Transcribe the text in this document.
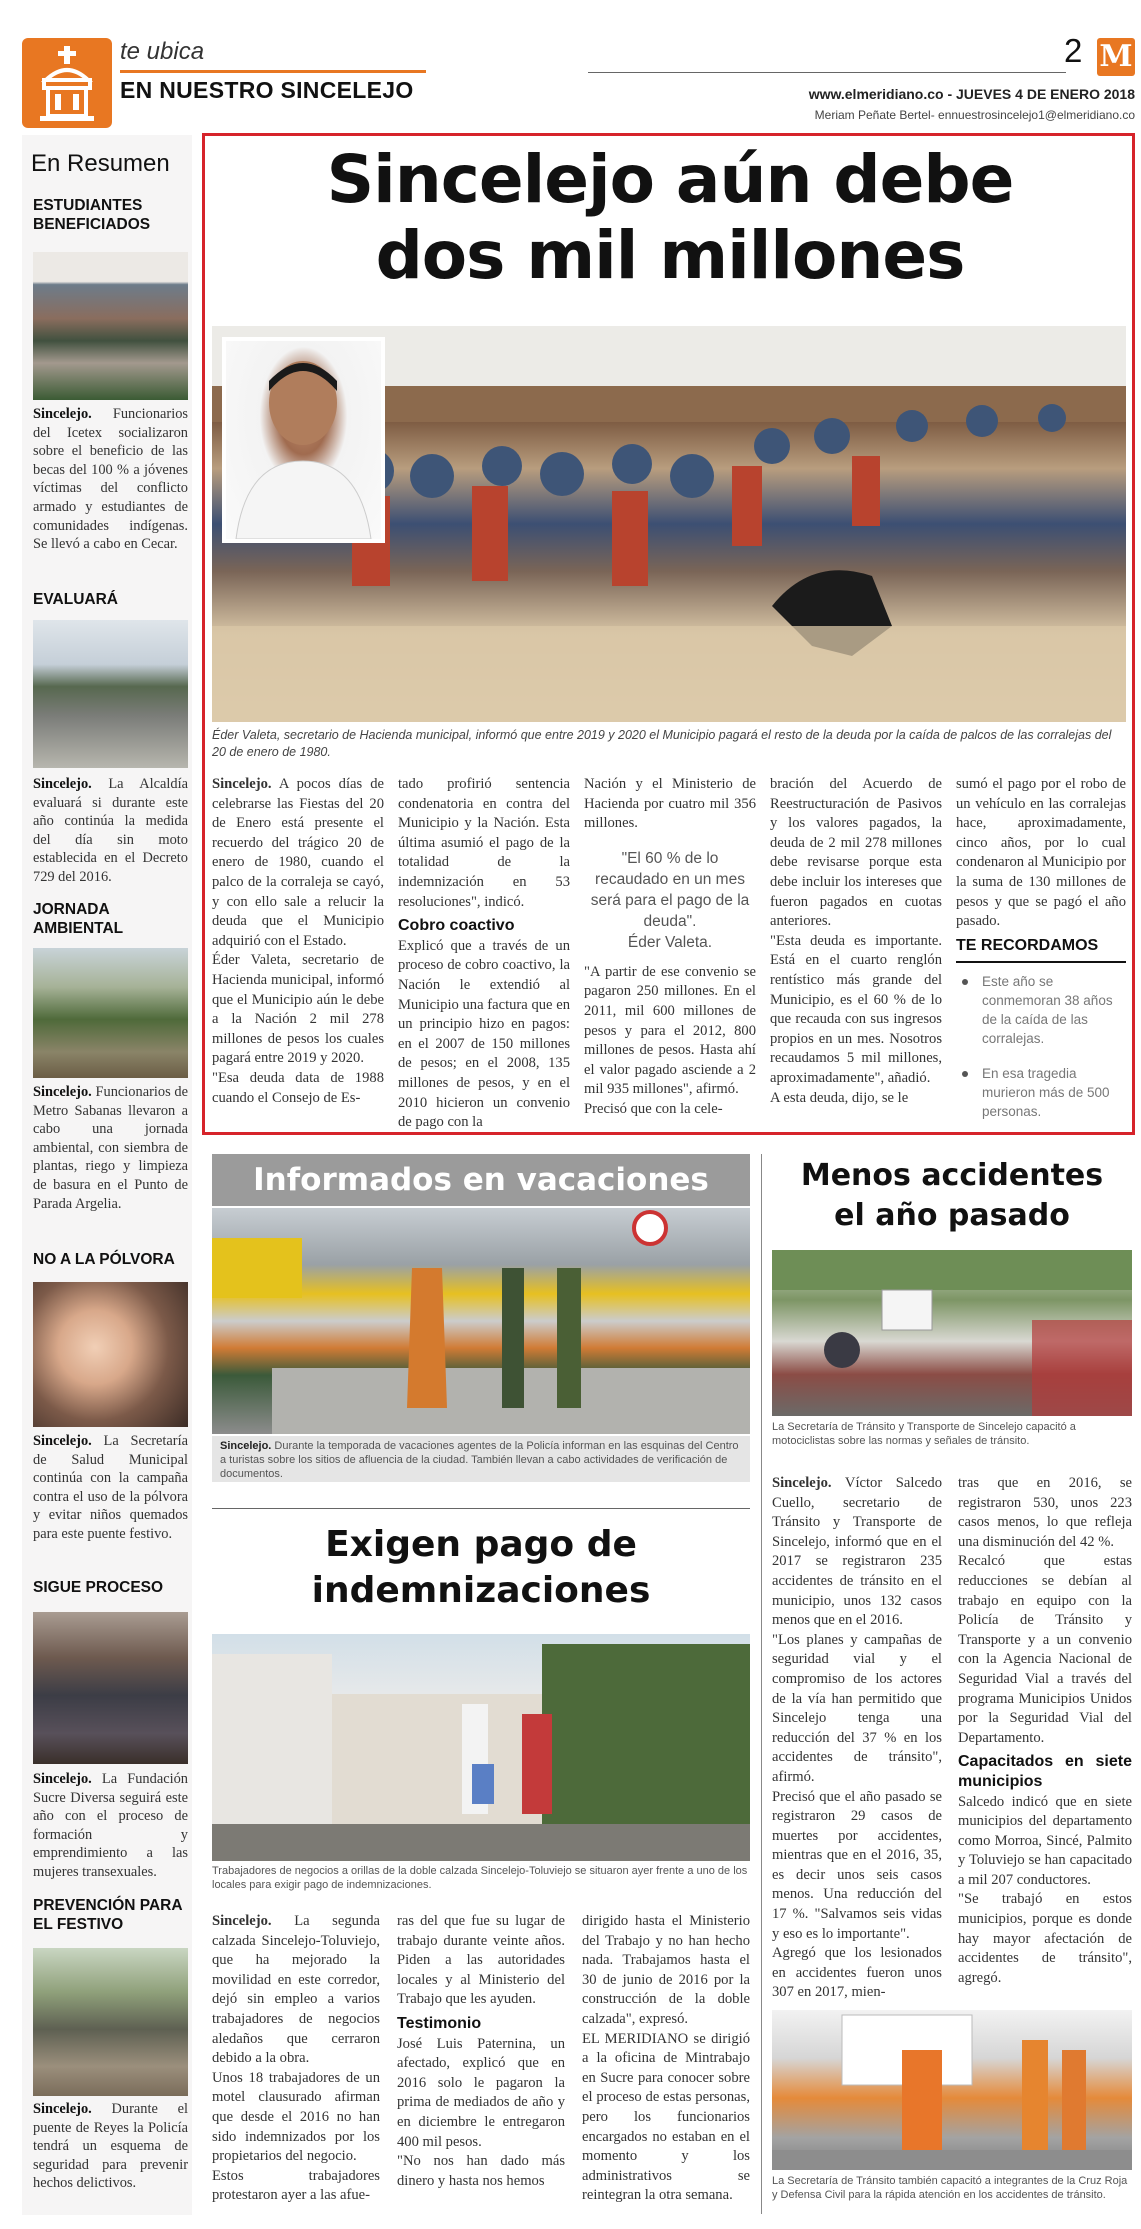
te ubica
EN NUESTRO SINCELEJO
2 M
www.elmeridiano.co - JUEVES 4 DE ENERO 2018
Meriam Peñate Bertel- ennuestrosincelejo1@elmeridiano.co
En Resumen
ESTUDIANTES BENEFICIADOS
Sincelejo. Funcionarios del Icetex socializaron sobre el beneficio de las becas del 100 % a jóvenes víctimas del conflicto armado y estudiantes de comunidades indígenas. Se llevó a cabo en Cecar.
EVALUARÁ
Sincelejo. La Alcaldía evaluará si durante este año continúa la medida del día sin moto establecida en el Decreto 729 del 2016.
JORNADA AMBIENTAL
Sincelejo. Funcionarios de Metro Sabanas llevaron a cabo una jornada ambiental, con siembra de plantas, riego y limpieza de basura en el Punto de Parada Argelia.
NO A LA PÓLVORA
Sincelejo. La Secretaría de Salud Municipal continúa con la campaña contra el uso de la pólvora y evitar niños quemados para este puente festivo.
SIGUE PROCESO
Sincelejo. La Fundación Sucre Diversa seguirá este año con el proceso de formación y emprendimiento a las mujeres transexuales.
PREVENCIÓN PARA EL FESTIVO
Sincelejo. Durante el puente de Reyes la Policía tendrá un esquema de seguridad para prevenir hechos delictivos.
Sincelejo aún debe
dos mil millones
Éder Valeta, secretario de Hacienda municipal, informó que entre 2019 y 2020 el Municipio pagará el resto de la deuda por la caída de palcos de las corralejas del 20 de enero de 1980.

Sincelejo. A pocos días de celebrarse las Fiestas del 20 de Enero está presente el recuerdo del trágico 20 de enero de 1980, cuando el palco de la corraleja se cayó, y con ello sale a relucir la deuda que el Municipio adquirió con el Estado.

Éder Valeta, secretario de Hacienda municipal, informó que el Municipio aún le debe a la Nación 2 mil 278 millones de pesos los cuales pagará entre 2019 y 2020.

"Esa deuda data de 1988 cuando el Consejo de Es-

tado profirió sentencia condenatoria en contra del Municipio y la Nación. Esta última asumió el pago de la totalidad de la indemnización en 53 resoluciones", indicó.

Cobro coactivo

Explicó que a través de un proceso de cobro coactivo, la Nación le extendió al Municipio una factura que en un principio hizo en pagos: en el 2007 de 150 millones de pesos; en el 2008, 135 millones de pesos, y en el 2010 hicieron un convenio de pago con la

Nación y el Ministerio de Hacienda por cuatro mil 356 millones.

"El 60 % de lo recaudado en un mes será para el pago de la deuda".
Éder Valeta.

"A partir de ese convenio se pagaron 250 millones. En el 2011, mil 600 millones de pesos y para el 2012, 800 millones de pesos. Hasta ahí el valor pagado asciende a 2 mil 935 millones", afirmó.

Precisó que con la cele-

bración del Acuerdo de Reestructuración de Pasivos y los valores pagados, la deuda de 2 mil 278 millones debe revisarse porque esta debe incluir los intereses que fueron pagados en cuotas anteriores.

"Esta deuda es importante. Está en el cuarto renglón rentístico más grande del Municipio, es el 60 % de lo que recauda con sus ingresos propios en un mes. Nosotros recaudamos 5 mil millones, aproximadamente", añadió.

A esta deuda, dijo, se le

sumó el pago por el robo de un vehículo en las corralejas hace, aproximadamente, cinco años, por lo cual condenaron al Municipio por la suma de 130 millones de pesos y que se pagó el año pasado.

TE RECORDAMOS
Este año se conmemoran 38 años de la caída de las corralejas.
En esa tragedia murieron más de 500 personas.
Informados en vacaciones
Sincelejo. Durante la temporada de vacaciones agentes de la Policía informan en las esquinas del Centro a turistas sobre los sitios de afluencia de la ciudad. También llevan a cabo actividades de verificación de documentos.
Exigen pago de
indemnizaciones
Trabajadores de negocios a orillas de la doble calzada Sincelejo-Toluviejo se situaron ayer frente a uno de los locales para exigir pago de indemnizaciones.

Sincelejo. La segunda calzada Sincelejo-Toluviejo, que ha mejorado la movilidad en este corredor, dejó sin empleo a varios trabajadores de negocios aledaños que cerraron debido a la obra.

Unos 18 trabajadores de un motel clausurado afirman que desde el 2016 no han sido indemnizados por los propietarios del negocio.

Estos trabajadores protestaron ayer a las afue-

ras del que fue su lugar de trabajo durante veinte años. Piden a las autoridades locales y al Ministerio del Trabajo que les ayuden.

Testimonio

José Luis Paternina, un afectado, explicó que en 2016 solo le pagaron la prima de mediados de año y en diciembre le entregaron 400 mil pesos.

"No nos han dado más dinero y hasta nos hemos

dirigido hasta el Ministerio del Trabajo y no han hecho nada. Trabajamos hasta el 30 de junio de 2016 por la construcción de la doble calzada", expresó.

EL MERIDIANO se dirigió a la oficina de Mintrabajo en Sucre para conocer sobre el proceso de estas personas, pero los funcionarios encargados no estaban en el momento y los administrativos se reintegran la otra semana.

Menos accidentes
el año pasado
La Secretaría de Tránsito y Transporte de Sincelejo capacitó a motociclistas sobre las normas y señales de tránsito.

Sincelejo. Víctor Salcedo Cuello, secretario de Tránsito y Transporte de Sincelejo, informó que en el 2017 se registraron 235 accidentes de tránsito en el municipio, unos 132 casos menos que en el 2016.

"Los planes y campañas de seguridad vial y el compromiso de los actores de la vía han permitido que Sincelejo tenga una reducción del 37 % en los accidentes de tránsito", afirmó.

Precisó que el año pasado se registraron 29 casos de muertes por accidentes, mientras que en el 2016, 35, es decir unos seis casos menos. Una reducción del 17 %. "Salvamos seis vidas y eso es lo importante".

Agregó que los lesionados en accidentes fueron unos 307 en 2017, mien-

tras que en 2016, se registraron 530, unos 223 casos menos, lo que refleja una disminución del 42 %.

Recalcó que estas reducciones se debían al trabajo en equipo con la Policía de Tránsito y Transporte y a un convenio con la Agencia Nacional de Seguridad Vial a través del programa Municipios Unidos por la Seguridad Vial del Departamento.

Capacitados en siete municipios

Salcedo indicó que en siete municipios del departamento como Morroa, Sincé, Palmito y Toluviejo se han capacitado a mil 207 conductores.

"Se trabajó en estos municipios, porque es donde hay mayor afectación de accidentes de tránsito", agregó.

La Secretaría de Tránsito también capacitó a integrantes de la Cruz Roja y Defensa Civil para la rápida atención en los accidentes de tránsito.
